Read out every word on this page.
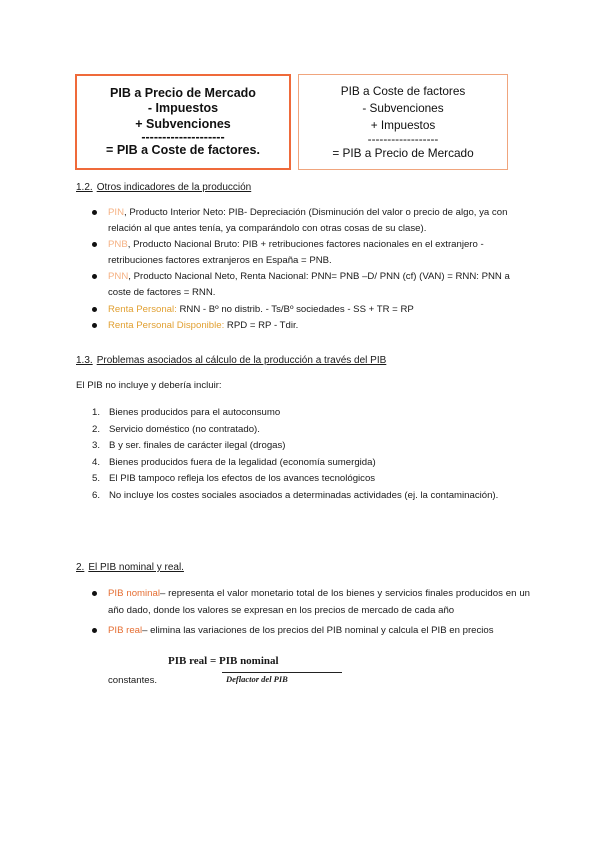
PIB a Precio de Mercado
- Impuestos
+ Subvenciones
--------------------
= PIB a Coste de factores.
PIB a Coste de factores
- Subvenciones
+ Impuestos
------------------
= PIB a Precio de Mercado
1.2. Otros indicadores de la producción
PIN, Producto Interior Neto: PIB- Depreciación (Disminución del valor o precio de algo, ya con relación al que antes tenía, ya comparándolo con otras cosas de su clase).
PNB, Producto Nacional Bruto: PIB + retribuciones factores nacionales en el extranjero - retribuciones factores extranjeros en España = PNB.
PNN, Producto Nacional Neto, Renta Nacional: PNN= PNB –D/ PNN (cf) (VAN) = RNN: PNN a coste de factores = RNN.
Renta Personal: RNN - Bº no distrib. - Ts/Bº sociedades - SS + TR = RP
Renta Personal Disponible: RPD = RP - Tdir.
1.3. Problemas asociados al cálculo de la producción a través del PIB
El PIB no incluye y debería incluir:
1. Bienes producidos para el autoconsumo
2. Servicio doméstico (no contratado).
3. B y ser. finales de carácter ilegal (drogas)
4. Bienes producidos fuera de la legalidad (economía sumergida)
5. El PIB tampoco refleja los efectos de los avances tecnológicos
6. No incluye los costes sociales asociados a determinadas actividades (ej. la contaminación).
2. El PIB nominal y real.
PIB nominal– representa el valor monetario total de los bienes y servicios finales producidos en un año dado, donde los valores se expresan en los precios de mercado de cada año
PIB real– elimina las variaciones de los precios del PIB nominal y calcula el PIB en precios
PIB real = PIB nominal
Deflactor del PIB
constantes.
